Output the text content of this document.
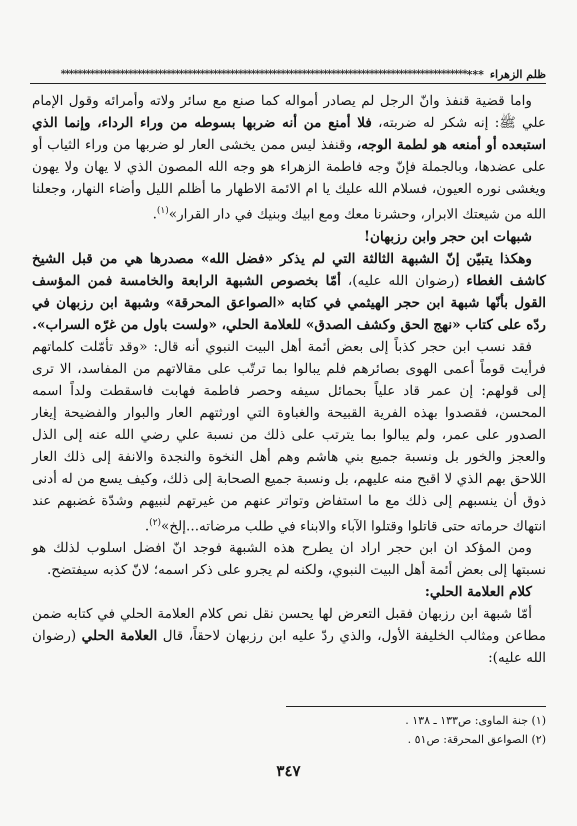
ظلم الزهراء
***
************************************************************************************************

واما قضية قنفذ وانّ الرجل لم يصادر أمواله كما صنع مع سائر ولاته وأمرائه وقول الإمام علي ﷺ: إنه شكر له ضربته، فلا أمنع من أنه ضربها بسوطه من وراء الرداء، وإنما الذي استبعده أو أمنعه هو لطمة الوجه، وقنفذ ليس ممن يخشى العار لو ضربها من وراء الثياب أو على عضدها، وبالجملة فإنّ وجه فاطمة الزهراء هو وجه الله المصون الذي لا يهان ولا يهون ويغشى نوره العيون، فسلام الله عليك يا ام الائمة الاطهار ما أظلم الليل وأضاء النهار، وجعلنا الله من شيعتك الابرار، وحشرنا معك ومع ابيك وبنيك في دار القرار»$^{(١)}$.

شبهات ابن حجر وابن رزبهان!

وهكذا يتبيّن إنّ الشبهة الثالثة التي لم يذكر «فضل الله» مصدرها هي من قبل الشيخ كاشف الغطاء (رضوان الله عليه)، أمّا بخصوص الشبهة الرابعة والخامسة فمن المؤسف القول بأنّها شبهة ابن حجر الهيثمي في كتابه «الصواعق المحرقة» وشبهة ابن رزبهان في ردّه على كتاب «نهج الحق وكشف الصدق» للعلامة الحلي، «ولست باول من غرّه السراب».

فقد نسب ابن حجر كذباً إلى بعض أئمة أهل البيت النبوي أنه قال: «وقد تأمّلت كلماتهم فرأيت قوماً أعمى الهوى بصائرهم فلم يبالوا بما ترتّب على مقالاتهم من المفاسد، الا ترى إلى قولهم: إن عمر قاد علياً بحمائل سيفه وحصر فاطمة فهابت فاسقطت ولداً اسمه المحسن، فقصدوا بهذه الفرية القبيحة والغباوة التي اورثتهم العار والبوار والفضيحة إيغار الصدور على عمر، ولم يبالوا بما يترتب على ذلك من نسبة علي رضي الله عنه إلى الذل والعجز والخور بل ونسبة جميع بني هاشم وهم أهل النخوة والنجدة والانفة إلى ذلك العار اللاحق بهم الذي لا اقبح منه عليهم، بل ونسبة جميع الصحابة إلى ذلك، وكيف يسع من له أدنى ذوق أن ينسبهم إلى ذلك مع ما استفاض وتواتر عنهم من غيرتهم لنبيهم وشدّة غضبهم عند انتهاك حرماته حتى قاتلوا وقتلوا الآباء والابناء في طلب مرضاته...إلخ»$^{(٢)}$.

ومن المؤكد ان ابن حجر اراد ان يطرح هذه الشبهة فوجد انّ افضل اسلوب لذلك هو نسبتها إلى بعض أئمة أهل البيت النبوي، ولكنه لم يجرو على ذكر اسمه؛ لانّ كذبه سيفتضح.

كلام العلامة الحلي:

أمّا شبهة ابن رزبهان فقبل التعرض لها يحسن نقل نص كلام العلامة الحلي في كتابه ضمن مطاعن ومثالب الخليفة الأول، والذي ردّ عليه ابن رزبهان لاحقاً، قال العلامة الحلي (رضوان الله عليه):

(١) جنة الماوى: ص١٣٣ ـ ١٣٨ .
(٢) الصواعق المحرقة: ص٥١ .
٣٤٧
